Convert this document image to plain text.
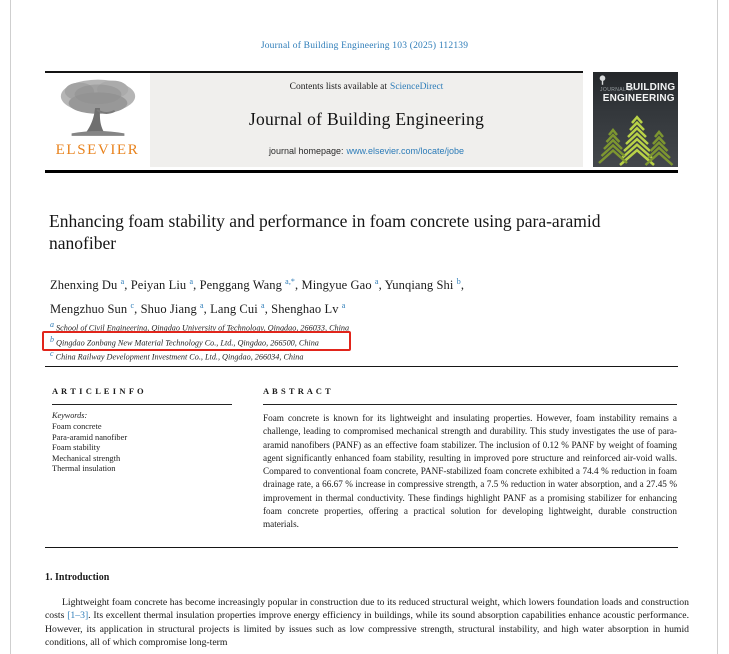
Journal of Building Engineering 103 (2025) 112139
ELSEVIER
Contents lists available at ScienceDirect
Journal of Building Engineering
journal homepage: www.elsevier.com/locate/jobe
JOURNAL OF
BUILDING
ENGINEERING
Enhancing foam stability and performance in foam concrete using para-aramid nanofiber
Zhenxing Du $^a$, Peiyan Liu $^a$, Penggang Wang $^{a,*}$, Mingyue Gao $^a$, Yunqiang Shi $^b$,
Mengzhuo Sun $^c$, Shuo Jiang $^a$, Lang Cui $^a$, Shenghao Lv $^a$
$^a$ School of Civil Engineering, Qingdao University of Technology, Qingdao, 266033, China
$^b$ Qingdao Zonbang New Material Technology Co., Ltd., Qingdao, 266500, China
$^c$ China Railway Development Investment Co., Ltd., Qingdao, 266034, China
A R T I C L E I N F O
Keywords:
Foam concrete
Para-aramid nanofiber
Foam stability
Mechanical strength
Thermal insulation
A B S T R A C T
Foam concrete is known for its lightweight and insulating properties. However, foam instability remains a challenge, leading to compromised mechanical strength and durability. This study investigates the use of para-aramid nanofibers (PANF) as an effective foam stabilizer. The inclusion of 0.12 % PANF by weight of foaming agent significantly enhanced foam stability, resulting in improved pore structure and reinforced air-void walls. Compared to conventional foam concrete, PANF-stabilized foam concrete exhibited a 74.4 % reduction in foam drainage rate, a 66.67 % increase in compressive strength, a 7.5 % reduction in water absorption, and a 27.45 % improvement in thermal conductivity. These findings highlight PANF as a promising stabilizer for enhancing foam concrete properties, offering a practical solution for developing lightweight, durable construction materials.
1. Introduction
Lightweight foam concrete has become increasingly popular in construction due to its reduced structural weight, which lowers foundation loads and construction costs [1–3]. Its excellent thermal insulation properties improve energy efficiency in buildings, while its sound absorption capabilities enhance acoustic performance. However, its application in structural projects is limited by issues such as low compressive strength, structural instability, and high water absorption in humid conditions, all of which compromise long-term
